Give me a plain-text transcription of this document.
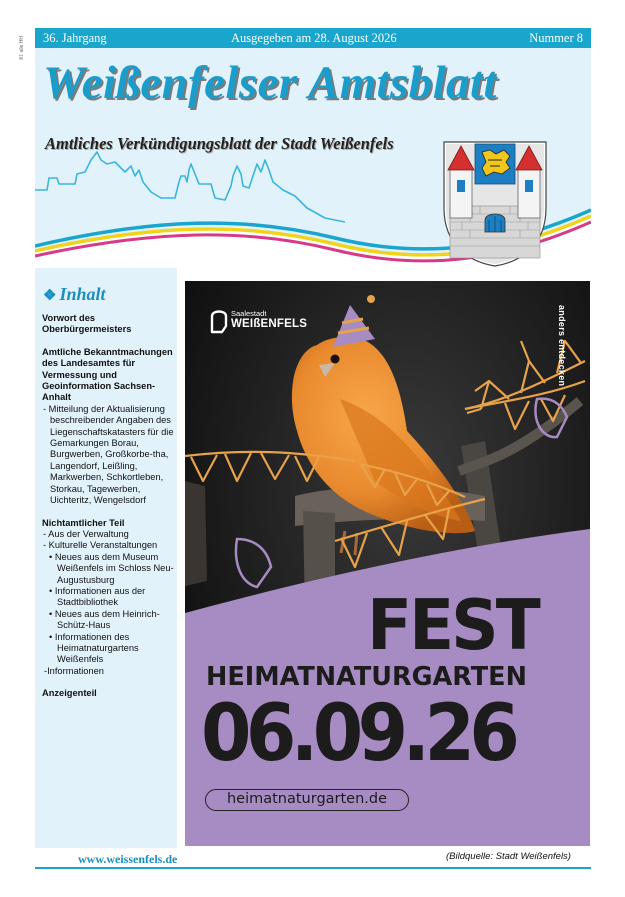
Kl. alle HH	36. Jahrgang	Ausgegeben am 28. August 2026	Nummer 8
Weißenfelser Amtsblatt
Amtliches Verkündigungsblatt der Stadt Weißenfels
❖ Inhalt
Vorwort des Oberbürgermeisters
Amtliche Bekanntmachungen des Landesamtes für Vermessung und Geoinformation Sachsen-Anhalt
- Mitteilung der Aktualisierung beschreibender Angaben des Liegenschaftskatasters für die Gemarkungen Borau, Burgwerben, Großkorbe-tha, Langendorf, Leißling, Markwerben, Schkortleben, Storkau, Tagewerben, Uichteritz, Wengelsdorf
Nichtamtlicher Teil
- Aus der Verwaltung
- Kulturelle Veranstaltungen
• Neues aus dem Museum Weißenfels im Schloss Neu-Augustusburg
• Informationen aus der Stadtbibliothek
• Neues aus dem Heinrich-Schütz-Haus
• Informationen des Heimatnaturgartens Weißenfels
-Informationen
Anzeigenteil
www.weissenfels.de
Saalestadt
WEIßENFELS	anders entdecken
FEST
HEIMATNATURGARTEN
06.09.26
heimatnaturgarten.de
(Bildquelle: Stadt Weißenfels)
